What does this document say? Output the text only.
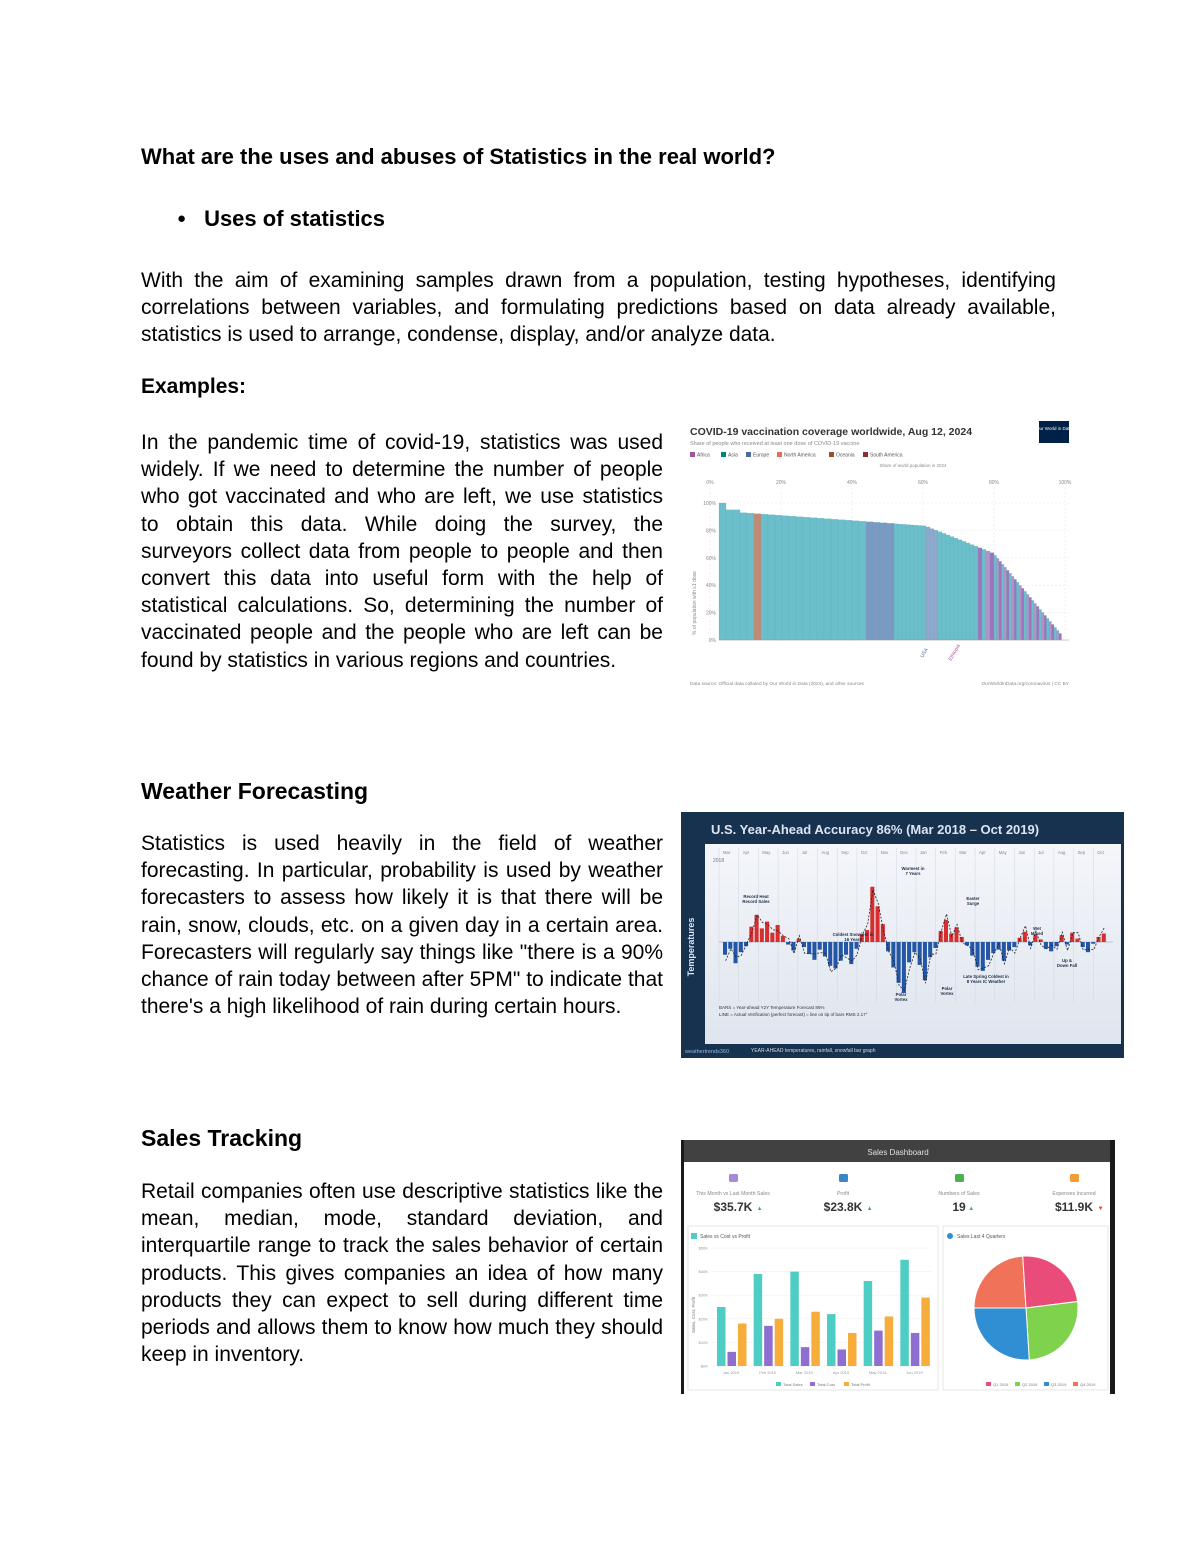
What are the uses and abuses of Statistics in the real world?
● Uses of statistics
With the aim of examining samples drawn from a population, testing hypotheses, identifying correlations between variables, and formulating predictions based on data already available, statistics is used to arrange, condense, display, and/or analyze data.
Examples:
In the pandemic time of covid-19, statistics was used widely. If we need to determine the number of people who got vaccinated and who are left, we use statistics to obtain this data. While doing the survey, the surveyors collect data from people to people and then convert this data into useful form with the help of statistical calculations. So, determining the number of vaccinated people and the people who are left can be found by statistics in various regions and countries.
Weather Forecasting
Statistics is used heavily in the field of weather forecasting. In particular, probability is used by weather forecasters to assess how likely it is that there will be rain, snow, clouds, etc. on a given day in a certain area. Forecasters will regularly say things like "there is a 90% chance of rain today between after 5PM" to indicate that there's a high likelihood of rain during certain hours.
Sales Tracking
Retail companies often use descriptive statistics like the mean, median, mode, standard deviation, and interquartile range to track the sales behavior of certain products. This gives companies an idea of how many products they can expect to sell during different time periods and allows them to know how much they should keep in inventory.
COVID-19 vaccination coverage worldwide, Aug 12, 2024
Share of people who received at least one dose of COVID-19 vaccine
Our World in Data
Africa	Asia	Europe	North America	Oceania	South America
Share of world population in 2024
0%	20%	40%	60%	80%	100%
100%
80%
60%
40%
20%
0%
% of population with ≥1 dose
USA	Ethiopia
Data source: Official data collated by Our World in Data (2024), and other sources	OurWorldInData.org/coronavirus | CC BY
U.S. Year-Ahead Accuracy 86% (Mar 2018 – Oct 2019)
Temperatures
2018
Mar	Apr	May	Jun	Jul	Aug	Sep	Oct	Nov	Dec	Jan	Feb	Mar	Apr	May	Jun	Jul	Aug	Sep	Oct
Warmest in 7 Years
Record Heat Record Sales
Coldest Snowiest in 16 Years
Easter Surge
Polar Vortex
Polar Vortex
Late Spring Coldest in 8 Years IC Weather
Wet Mixed
Up & Down Fall
BARS = Year-ahead Y2Y Temperature Forecast 86%
LINE = Actual Verification (perfect forecast) = line on tip of bars RMS 2.17°
weathertrends360	YEAR-AHEAD temperatures, rainfall, snowfall bar graph
Sales Dashboard
This Month vs Last Month Sales
$35.7K ▲
Profit
$23.8K ▲
Numbers of Sales
19 ▲
Expenses Incurred
$11.9K ▼
Sales vs Cost vs Profit
Sales, Cost, Profit
$0K
$10K
$20K
$30K
$40K
$50K
Jan 2019	Feb 2019	Mar 2019	Apr 2019	May 2019	Jun 2019
Total Sales	Total Cost	Total Profit
Sales Last 4 Quarters
Q1 2019	Q2 2019	Q3 2019	Q4 2019
